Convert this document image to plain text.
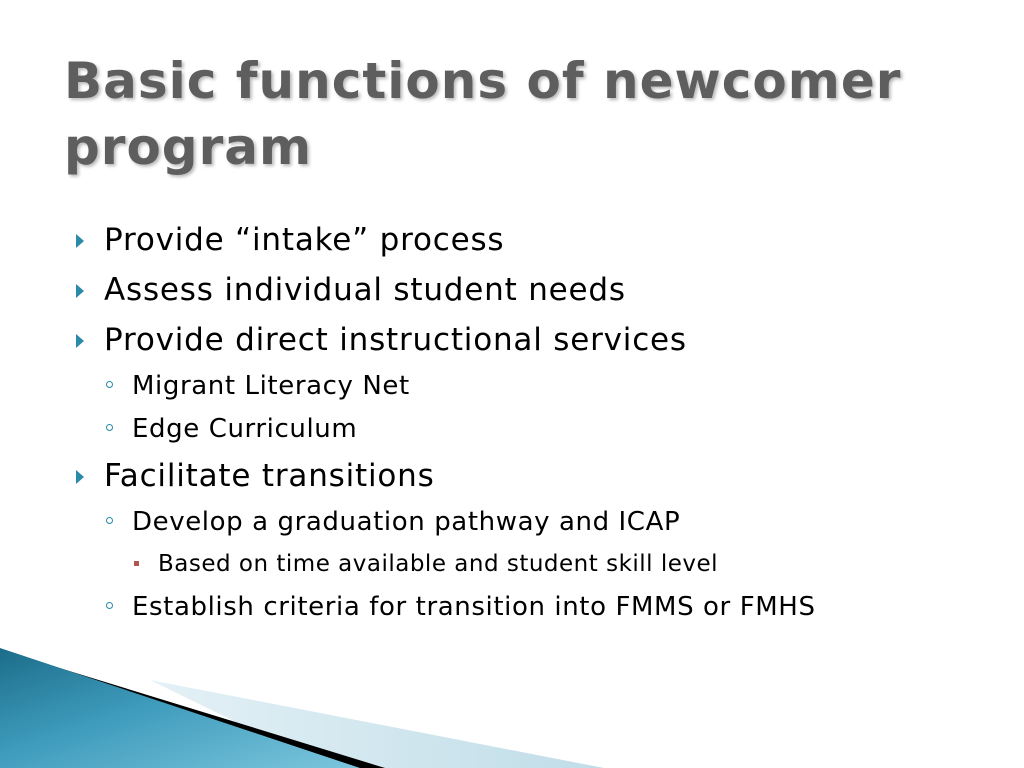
Basic functions of newcomer program
Provide “intake” process
Assess individual student needs
Provide direct instructional services
Migrant Literacy Net
Edge Curriculum
Facilitate transitions
Develop a graduation pathway and ICAP
Based on time available and student skill level
Establish criteria for transition into FMMS or FMHS
